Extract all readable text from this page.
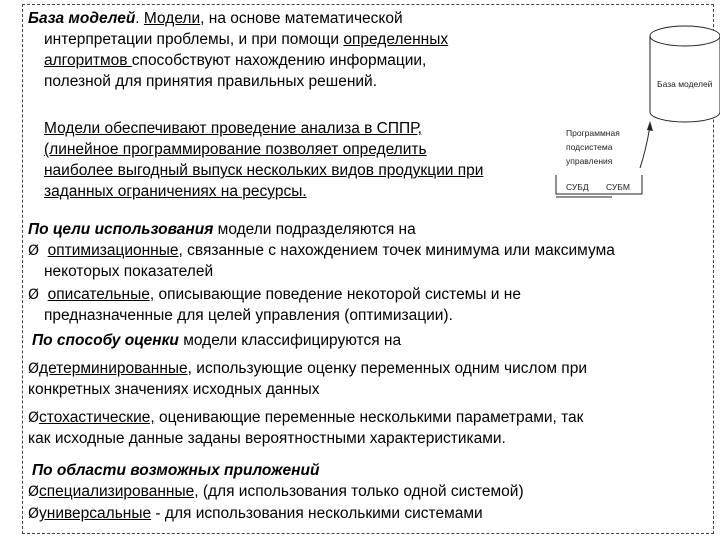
База моделей. Модели, на основе математической
интерпретации проблемы, и при помощи определенных
алгоритмов способствуют нахождению информации,
полезной для принятия правильных решений.
Модели обеспечивают проведение анализа в СППР,
(линейное программирование позволяет определить
наиболее выгодный выпуск нескольких видов продукции при
заданных ограничениях на ресурсы.
База моделей
Программная
подсистема
управления
СУБД СУБМ
По цели использования модели подразделяются на
Ø оптимизационные, связанные с нахождением точек минимума или максимума
некоторых показателей
Ø описательные, описывающие поведение некоторой системы и не
предназначенные для целей управления (оптимизации).
По способу оценки модели классифицируются на
Øдетерминированные, использующие оценку переменных одним числом при
конкретных значениях исходных данных
Øстохастические, оценивающие переменные несколькими параметрами, так
как исходные данные заданы вероятностными характеристиками.
По области возможных приложений
Øспециализированные, (для использования только одной системой)
Øуниверсальные - для использования несколькими системами
